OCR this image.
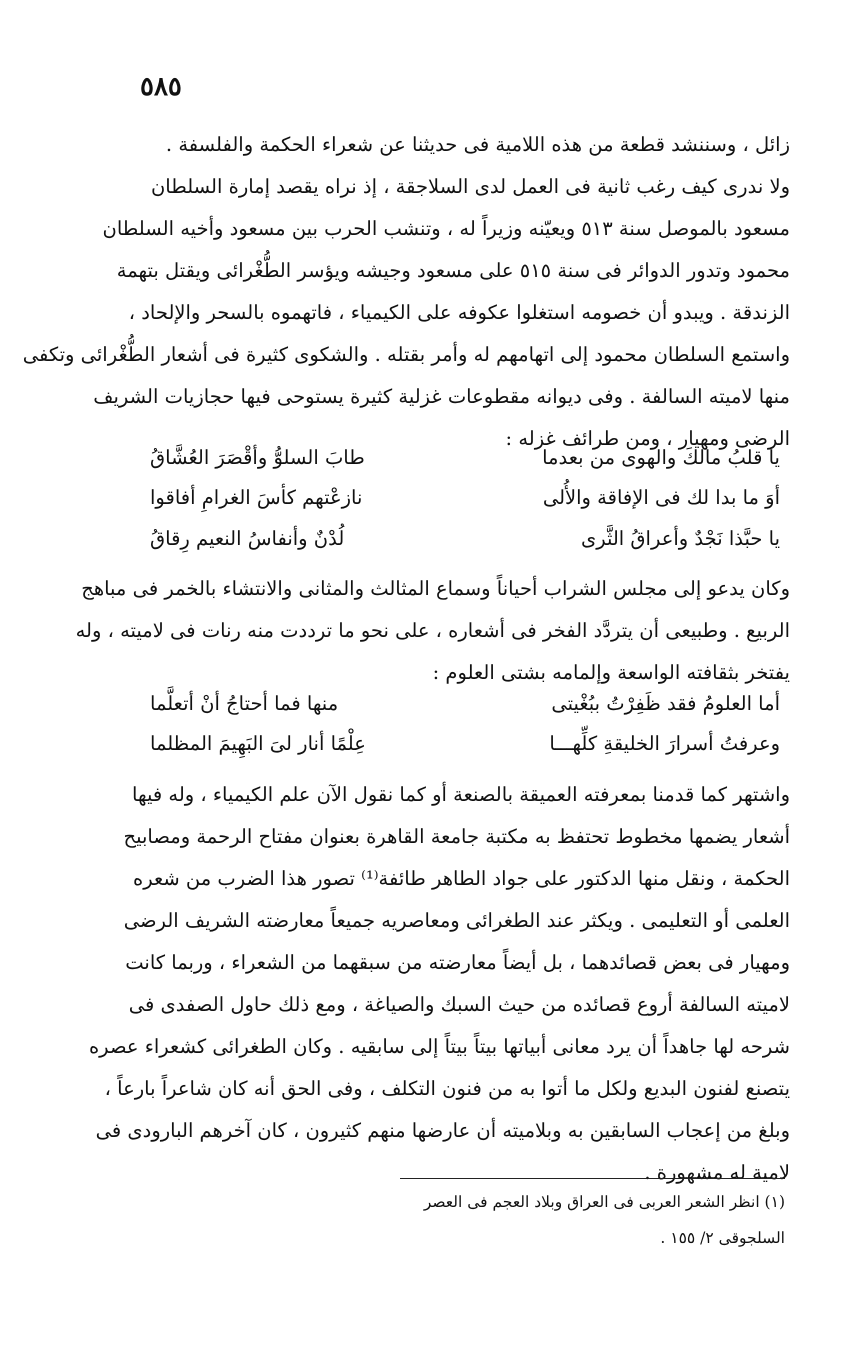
٥٨٥
زائل ، وسننشد قطعة من هذه اللامية فى حديثنا عن شعراء الحكمة والفلسفة .
ولا ندرى كيف رغب ثانية فى العمل لدى السلاجقة ، إذ نراه يقصد إمارة السلطان
مسعود بالموصل سنة ٥١٣ ويعيّنه وزيراً له ، وتنشب الحرب بين مسعود وأخيه السلطان
محمود وتدور الدوائر فى سنة ٥١٥ على مسعود وجيشه ويؤسر الطُّغْرائى ويقتل بتهمة
الزندقة . ويبدو أن خصومه استغلوا عكوفه على الكيمياء ، فاتهموه بالسحر والإلحاد ،
واستمع السلطان محمود إلى اتهامهم له وأمر بقتله . والشكوى كثيرة فى أشعار الطُّغْرائى وتكفى
منها لاميته السالفة . وفى ديوانه مقطوعات غزلية كثيرة يستوحى فيها حجازيات الشريف
الرضى ومهيار ، ومن طرائف غزله :
يا قلبُ مالكَ والهوى من بعدما
طابَ السلوُّ وأقْصَرَ العُشَّاقُ
أوَ ما بدا لك فى الإفاقة والأُلى
نازعْتهم كأسَ الغرامِ أفاقوا
يا حبَّذا نَجْدٌ وأعراقُ الثَّرى
لُدْنٌ وأنفاسُ النعيم رِقاقُ
وكان يدعو إلى مجلس الشراب أحياناً وسماع المثالث والمثانى والانتشاء بالخمر فى مباهج
الربيع . وطبيعى أن يتردَّد الفخر فى أشعاره ، على نحو ما ترددت منه رنات فى لاميته ، وله
يفتخر بثقافته الواسعة وإلمامه بشتى العلوم :
أما العلومُ فقد ظَفِرْتُ ببُغْيتى
منها فما أحتاجُ أنْ أتعلَّما
وعرفتُ أسرارَ الخليقةِ كلِّهـــا
عِلْمًا أنار لىَ البَهِيمَ المظلما
واشتهر كما قدمنا بمعرفته العميقة بالصنعة أو كما نقول الآن علم الكيمياء ، وله فيها
أشعار يضمها مخطوط تحتفظ به مكتبة جامعة القاهرة بعنوان مفتاح الرحمة ومصابيح
الحكمة ، ونقل منها الدكتور على جواد الطاهر طائفة⁽¹⁾ تصور هذا الضرب من شعره
العلمى أو التعليمى . ويكثر عند الطغرائى ومعاصريه جميعاً معارضته الشريف الرضى
ومهيار فى بعض قصائدهما ، بل أيضاً معارضته من سبقهما من الشعراء ، وربما كانت
لاميته السالفة أروع قصائده من حيث السبك والصياغة ، ومع ذلك حاول الصفدى فى
شرحه لها جاهداً أن يرد معانى أبياتها بيتاً بيتاً إلى سابقيه . وكان الطغرائى كشعراء عصره
يتصنع لفنون البديع ولكل ما أتوا به من فنون التكلف ، وفى الحق أنه كان شاعراً بارعاً ،
وبلغ من إعجاب السابقين به وبلاميته أن عارضها منهم كثيرون ، كان آخرهم البارودى فى
لامية له مشهورة .
(١) انظر الشعر العربى فى العراق وبلاد العجم فى العصر
السلجوقى ٢/ ١٥٥ .
